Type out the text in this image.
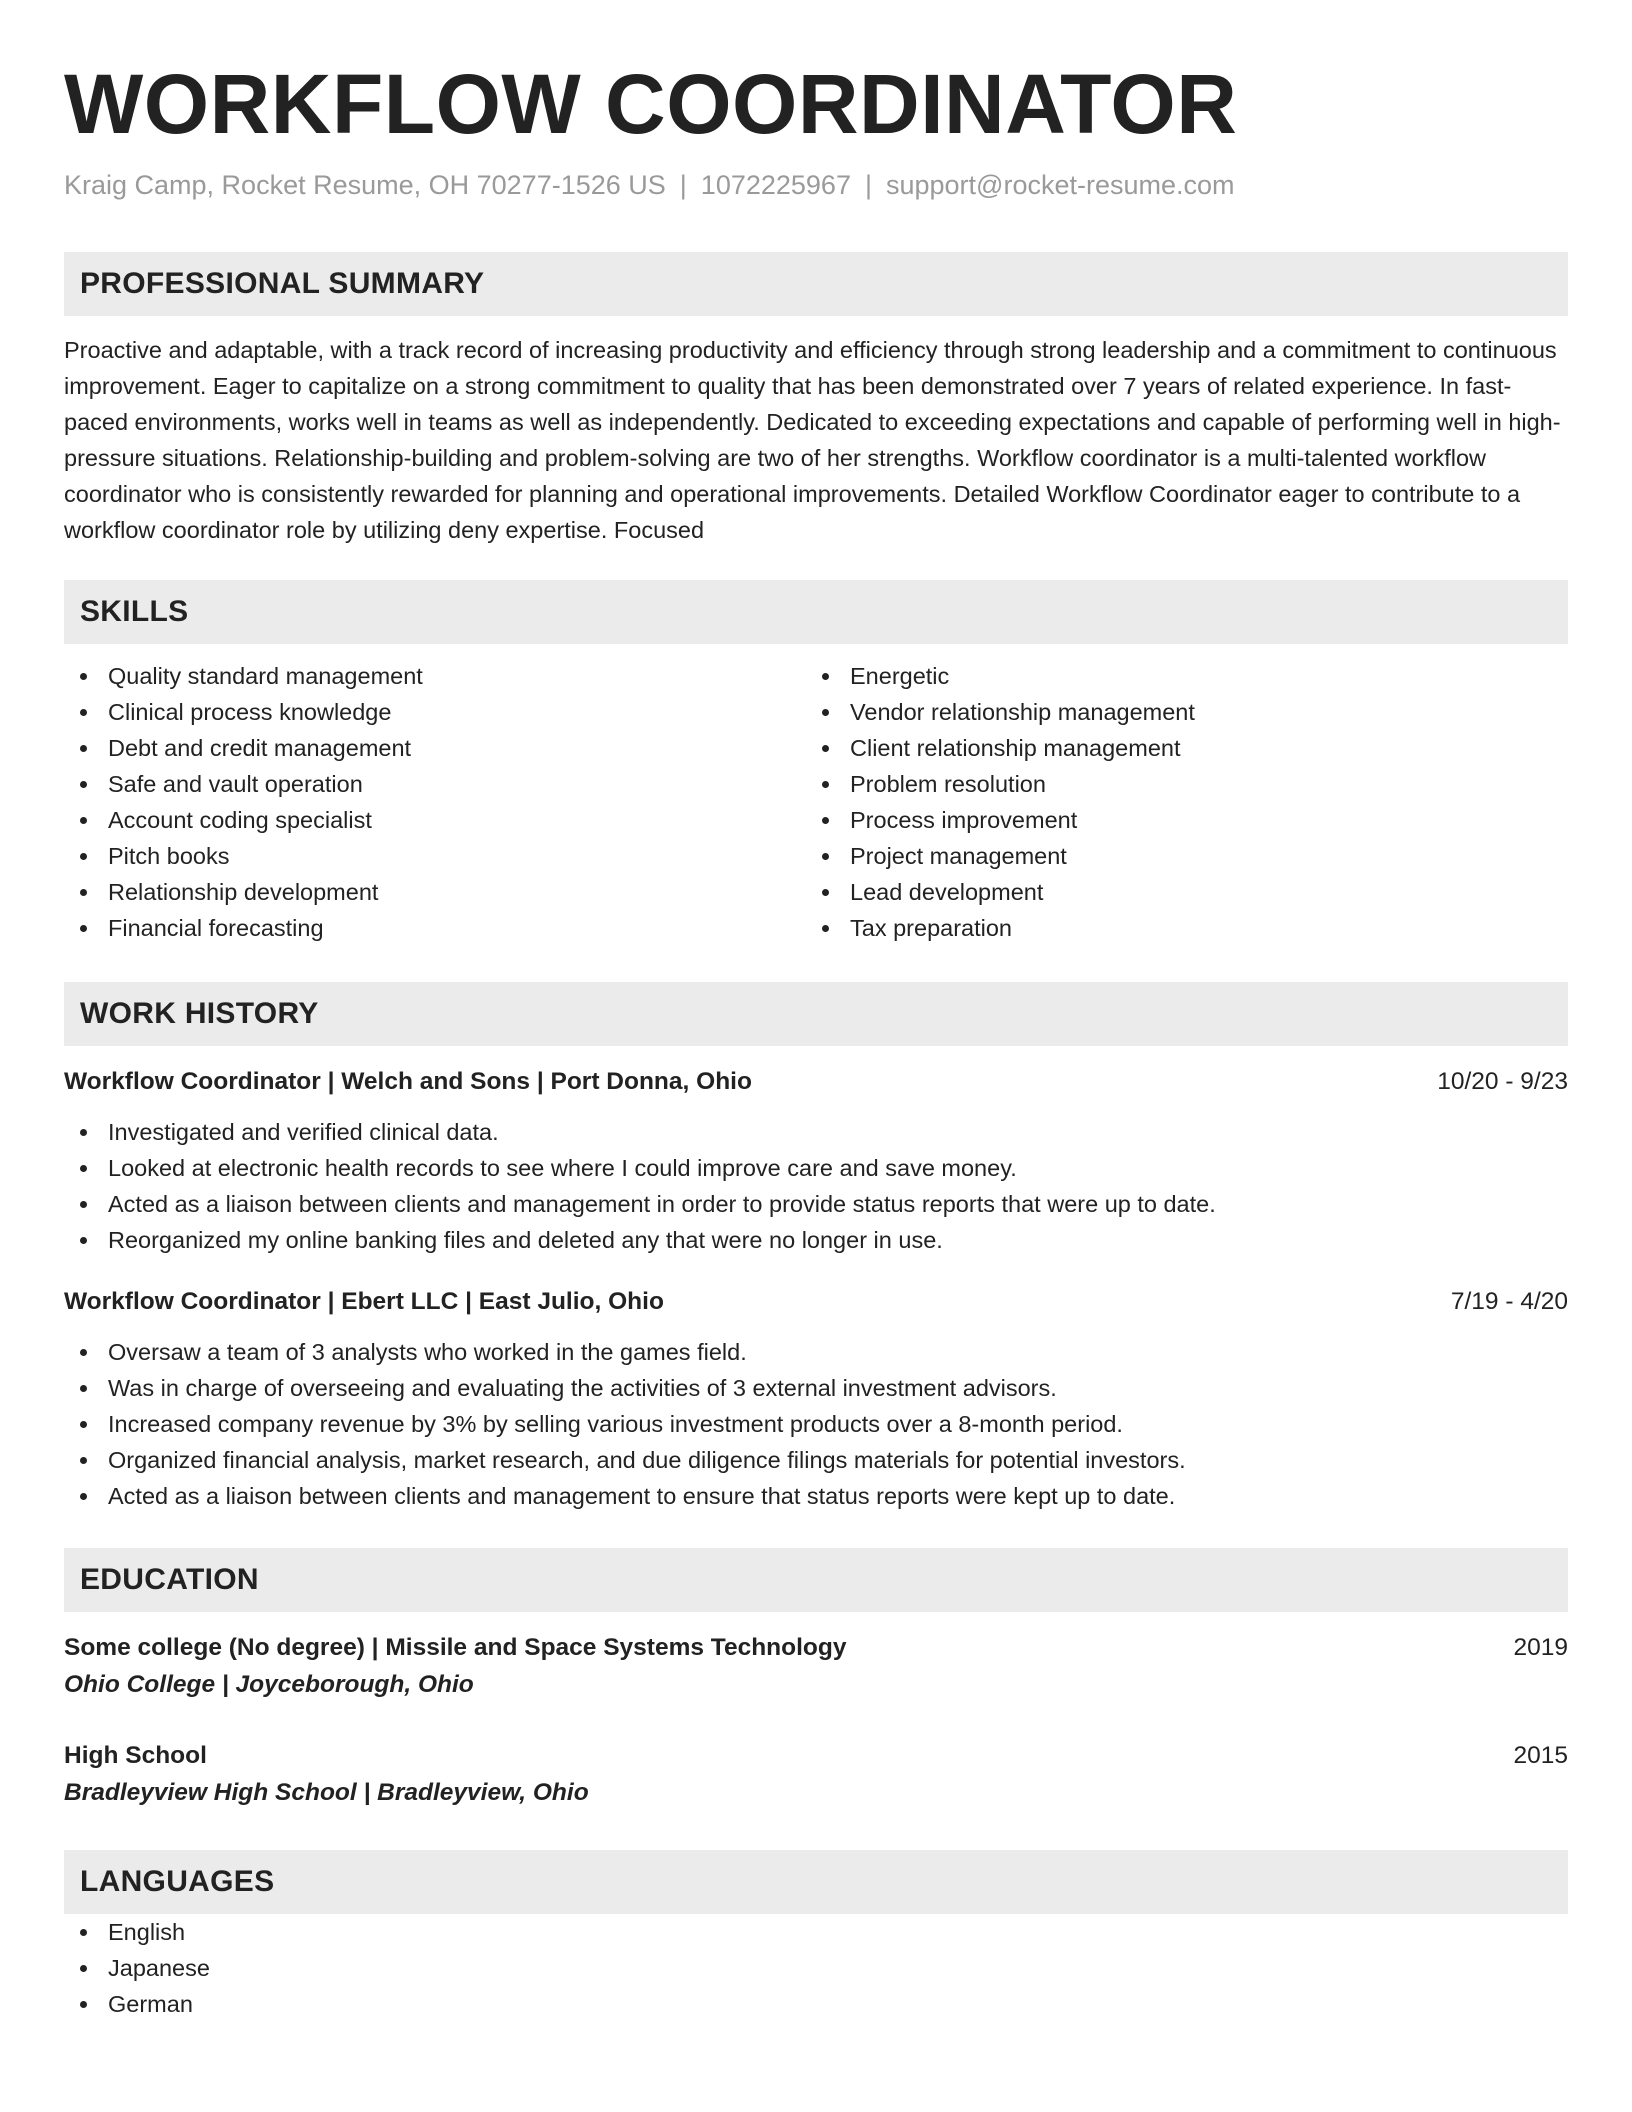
WORKFLOW COORDINATOR
Kraig Camp, Rocket Resume, OH 70277-1526 US | 1072225967 | support@rocket-resume.com
PROFESSIONAL SUMMARY
Proactive and adaptable, with a track record of increasing productivity and efficiency through strong leadership and a commitment to continuous improvement. Eager to capitalize on a strong commitment to quality that has been demonstrated over 7 years of related experience. In fast-paced environments, works well in teams as well as independently. Dedicated to exceeding expectations and capable of performing well in high-pressure situations. Relationship-building and problem-solving are two of her strengths. Workflow coordinator is a multi-talented workflow coordinator who is consistently rewarded for planning and operational improvements. Detailed Workflow Coordinator eager to contribute to a workflow coordinator role by utilizing deny expertise. Focused
SKILLS
Quality standard management
Clinical process knowledge
Debt and credit management
Safe and vault operation
Account coding specialist
Pitch books
Relationship development
Financial forecasting
Energetic
Vendor relationship management
Client relationship management
Problem resolution
Process improvement
Project management
Lead development
Tax preparation
WORK HISTORY
Workflow Coordinator | Welch and Sons | Port Donna, Ohio	10/20 - 9/23
Investigated and verified clinical data.
Looked at electronic health records to see where I could improve care and save money.
Acted as a liaison between clients and management in order to provide status reports that were up to date.
Reorganized my online banking files and deleted any that were no longer in use.
Workflow Coordinator | Ebert LLC | East Julio, Ohio	7/19 - 4/20
Oversaw a team of 3 analysts who worked in the games field.
Was in charge of overseeing and evaluating the activities of 3 external investment advisors.
Increased company revenue by 3% by selling various investment products over a 8-month period.
Organized financial analysis, market research, and due diligence filings materials for potential investors.
Acted as a liaison between clients and management to ensure that status reports were kept up to date.
EDUCATION
Some college (No degree) | Missile and Space Systems Technology	2019
Ohio College | Joyceborough, Ohio
High School	2015
Bradleyview High School | Bradleyview, Ohio
LANGUAGES
English
Japanese
German
